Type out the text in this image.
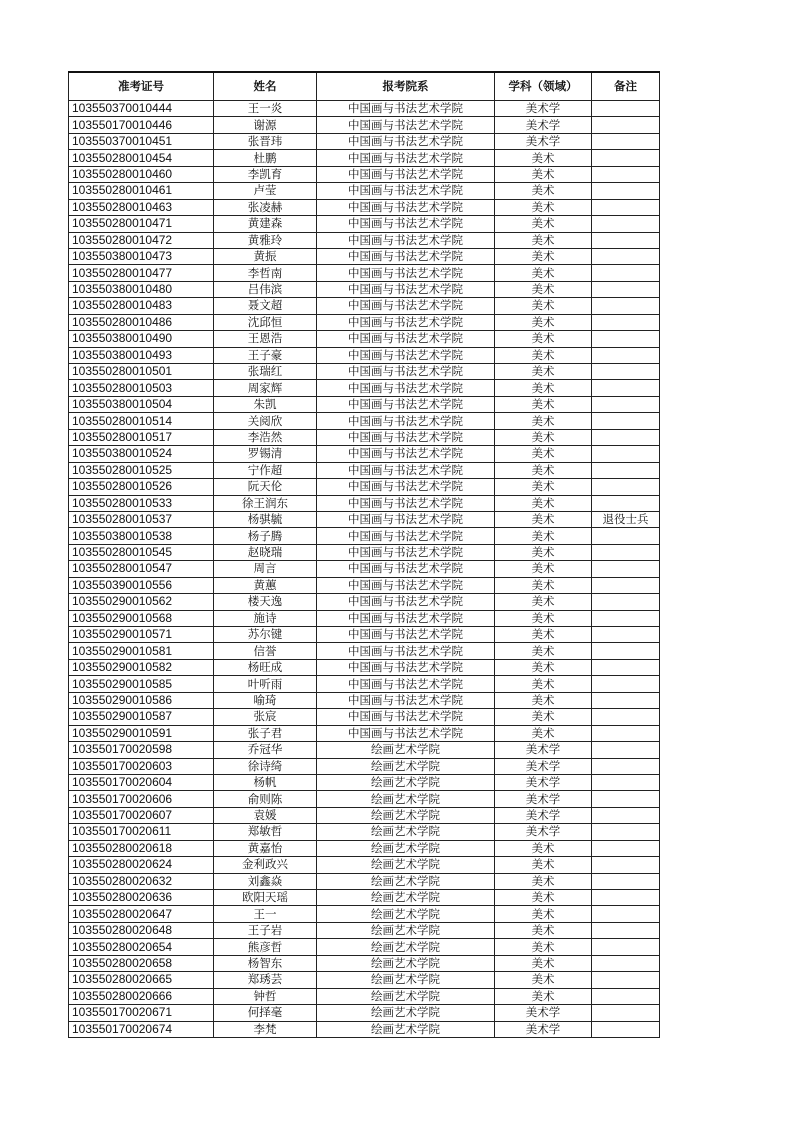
准考证号	姓名	报考院系	学科（领域）	备注
103550370010444	王一炎	中国画与书法艺术学院	美术学	
103550170010446	谢源	中国画与书法艺术学院	美术学	
103550370010451	张晋玮	中国画与书法艺术学院	美术学	
103550280010454	杜鹏	中国画与书法艺术学院	美术	
103550280010460	李凯育	中国画与书法艺术学院	美术	
103550280010461	卢莹	中国画与书法艺术学院	美术	
103550280010463	张凌赫	中国画与书法艺术学院	美术	
103550280010471	黄建森	中国画与书法艺术学院	美术	
103550280010472	黄雅玲	中国画与书法艺术学院	美术	
103550380010473	黄振	中国画与书法艺术学院	美术	
103550280010477	李哲南	中国画与书法艺术学院	美术	
103550380010480	吕伟滨	中国画与书法艺术学院	美术	
103550280010483	聂文超	中国画与书法艺术学院	美术	
103550280010486	沈邱恒	中国画与书法艺术学院	美术	
103550380010490	王恩浩	中国画与书法艺术学院	美术	
103550380010493	王子豪	中国画与书法艺术学院	美术	
103550280010501	张瑞红	中国画与书法艺术学院	美术	
103550280010503	周家辉	中国画与书法艺术学院	美术	
103550380010504	朱凯	中国画与书法艺术学院	美术	
103550280010514	关阅欣	中国画与书法艺术学院	美术	
103550280010517	李浩然	中国画与书法艺术学院	美术	
103550380010524	罗锡清	中国画与书法艺术学院	美术	
103550280010525	宁作超	中国画与书法艺术学院	美术	
103550280010526	阮天伦	中国画与书法艺术学院	美术	
103550280010533	徐王润东	中国画与书法艺术学院	美术	
103550280010537	杨骐毓	中国画与书法艺术学院	美术	退役士兵
103550380010538	杨子腾	中国画与书法艺术学院	美术	
103550280010545	赵晓瑞	中国画与书法艺术学院	美术	
103550280010547	周言	中国画与书法艺术学院	美术	
103550390010556	黄蕙	中国画与书法艺术学院	美术	
103550290010562	楼天逸	中国画与书法艺术学院	美术	
103550290010568	施诗	中国画与书法艺术学院	美术	
103550290010571	苏尔键	中国画与书法艺术学院	美术	
103550290010581	信誉	中国画与书法艺术学院	美术	
103550290010582	杨旺成	中国画与书法艺术学院	美术	
103550290010585	叶听雨	中国画与书法艺术学院	美术	
103550290010586	喻琦	中国画与书法艺术学院	美术	
103550290010587	张宸	中国画与书法艺术学院	美术	
103550290010591	张子君	中国画与书法艺术学院	美术	
103550170020598	乔冠华	绘画艺术学院	美术学	
103550170020603	徐诗绮	绘画艺术学院	美术学	
103550170020604	杨帆	绘画艺术学院	美术学	
103550170020606	俞则陈	绘画艺术学院	美术学	
103550170020607	袁媛	绘画艺术学院	美术学	
103550170020611	郑敏哲	绘画艺术学院	美术学	
103550280020618	黄嘉怡	绘画艺术学院	美术	
103550280020624	金利政兴	绘画艺术学院	美术	
103550280020632	刘鑫焱	绘画艺术学院	美术	
103550280020636	欧阳天瑶	绘画艺术学院	美术	
103550280020647	王一	绘画艺术学院	美术	
103550280020648	王子岩	绘画艺术学院	美术	
103550280020654	熊彦哲	绘画艺术学院	美术	
103550280020658	杨智东	绘画艺术学院	美术	
103550280020665	郑琇芸	绘画艺术学院	美术	
103550280020666	钟哲	绘画艺术学院	美术	
103550170020671	何择毫	绘画艺术学院	美术学	
103550170020674	李梵	绘画艺术学院	美术学	
